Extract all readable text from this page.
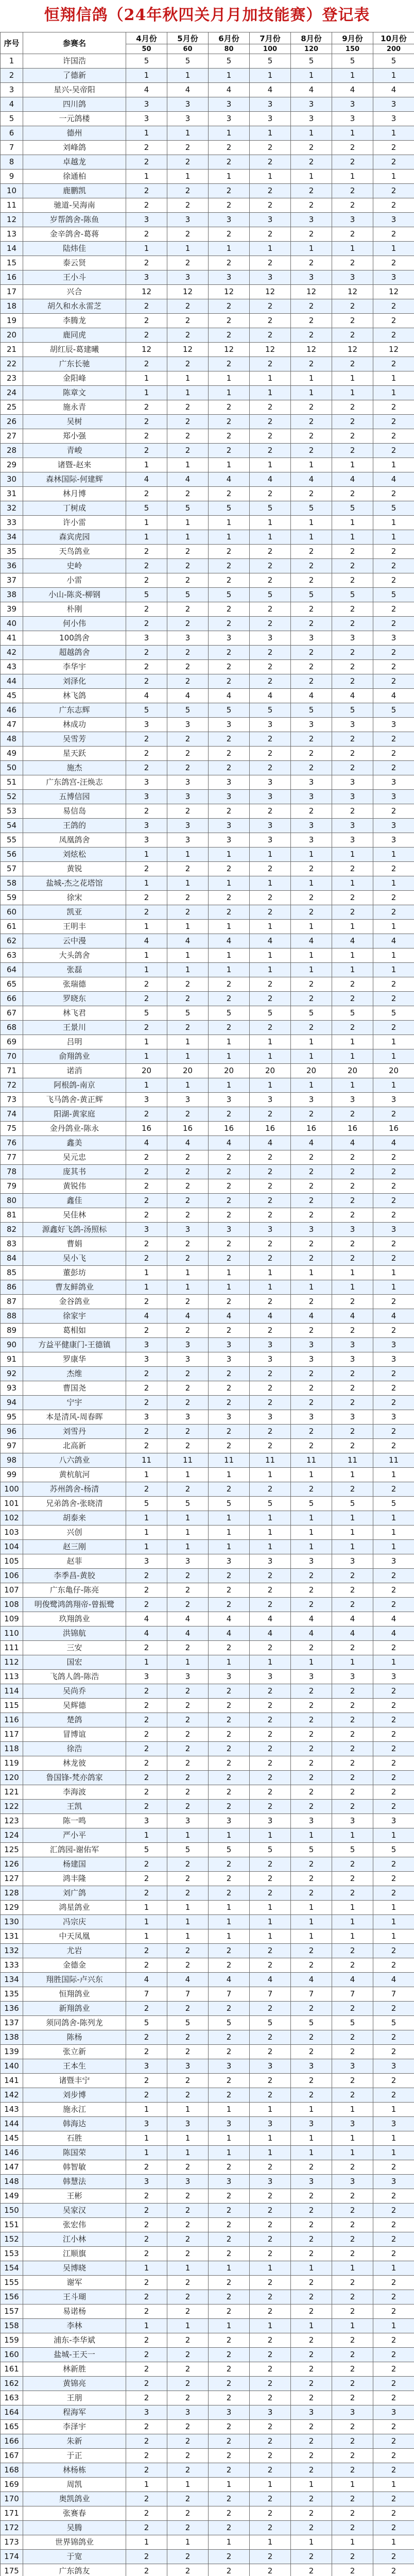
恒翔信鸽（24年秋四关月月加技能赛）登记表
序号	参赛名	4月份	5月份	6月份	7月份	8月份	9月份	10月份
		50	60	80	100	120	150	200
1	许国浩	5	5	5	5	5	5	5
2	了德新	1	1	1	1	1	1	1
3	星兴-吴帝阳	4	4	4	4	4	4	4
4	四川鸽	3	3	3	3	3	3	3
5	一元鸽楼	3	3	3	3	3	3	3
6	德州	1	1	1	1	1	1	1
7	刘峰鸽	2	2	2	2	2	2	2
8	卓越龙	2	2	2	2	2	2	2
9	徐通柏	1	1	1	1	1	1	1
10	鹿鹏凯	2	2	2	2	2	2	2
11	驰道-吴海南	2	2	2	2	2	2	2
12	岁帮鸽舍-陈鱼	3	3	3	3	3	3	3
13	金辛鸽舍-葛蒋	2	2	2	2	2	2	2
14	陆炜佳	1	1	1	1	1	1	1
15	泰云贤	2	2	2	2	2	2	2
16	王小斗	3	3	3	3	3	3	3
17	兴合	12	12	12	12	12	12	12
18	胡久和水永雷芝	2	2	2	2	2	2	2
19	李腾龙	2	2	2	2	2	2	2
20	鹿同虎	2	2	2	2	2	2	2
21	胡红辰-葛建曦	12	12	12	12	12	12	12
22	广东长驰	2	2	2	2	2	2	2
23	金阳峰	1	1	1	1	1	1	1
24	陈章文	1	1	1	1	1	1	1
25	施永青	2	2	2	2	2	2	2
26	吴树	2	2	2	2	2	2	2
27	郑小强	2	2	2	2	2	2	2
28	青峻	2	2	2	2	2	2	2
29	诸暨-赵来	1	1	1	1	1	1	1
30	森林国际-何建辉	4	4	4	4	4	4	4
31	林月博	2	2	2	2	2	2	2
32	丁树成	5	5	5	5	5	5	5
33	许小雷	1	1	1	1	1	1	1
34	森宾虎园	1	1	1	1	1	1	1
35	天鸟鸽业	2	2	2	2	2	2	2
36	史岭	2	2	2	2	2	2	2
37	小雷	2	2	2	2	2	2	2
38	小山-陈炎-柳钢	5	5	5	5	5	5	5
39	朴刚	2	2	2	2	2	2	2
40	何小伟	2	2	2	2	2	2	2
41	100鸽舍	3	3	3	3	3	3	3
42	超越鸽舍	2	2	2	2	2	2	2
43	李华宇	2	2	2	2	2	2	2
44	刘泽化	2	2	2	2	2	2	2
45	林飞鸽	4	4	4	4	4	4	4
46	广东志辉	5	5	5	5	5	5	5
47	林成功	3	3	3	3	3	3	3
48	吴雪芳	2	2	2	2	2	2	2
49	星天跃	2	2	2	2	2	2	2
50	施杰	2	2	2	2	2	2	2
51	广东鸽宫-汪焕志	3	3	3	3	3	3	3
52	五博信园	3	3	3	3	3	3	3
53	易信岛	2	2	2	2	2	2	2
54	王鸽的	3	3	3	3	3	3	3
55	凤凰鸽舍	3	3	3	3	3	3	3
56	刘炫松	1	1	1	1	1	1	1
57	黄锐	2	2	2	2	2	2	2
58	盐城-杰之花塔馆	1	1	1	1	1	1	1
59	徐宋	2	2	2	2	2	2	2
60	凯亚	2	2	2	2	2	2	2
61	王明丰	1	1	1	1	1	1	1
62	云中漫	4	4	4	4	4	4	4
63	大头鸽舍	1	1	1	1	1	1	1
64	张磊	1	1	1	1	1	1	1
65	张瑞德	2	2	2	2	2	2	2
66	罗晓东	2	2	2	2	2	2	2
67	林飞君	5	5	5	5	5	5	5
68	王景川	2	2	2	2	2	2	2
69	吕明	1	1	1	1	1	1	1
70	俞翔鸽业	1	1	1	1	1	1	1
71	诺消	20	20	20	20	20	20	20
72	阿根鸽-南京	1	1	1	1	1	1	1
73	飞马鸽舍-黄正辉	3	3	3	3	3	3	3
74	阳湖-黄家庭	2	2	2	2	2	2	2
75	金丹鸽业-陈永	16	16	16	16	16	16	16
76	鑫美	4	4	4	4	4	4	4
77	吴元忠	2	2	2	2	2	2	2
78	庞其书	2	2	2	2	2	2	2
79	黄锐伟	2	2	2	2	2	2	2
80	鑫佳	2	2	2	2	2	2	2
81	吴佳林	2	2	2	2	2	2	2
82	源鑫好飞鸽-汤照标	3	3	3	3	3	3	3
83	曹娟	2	2	2	2	2	2	2
84	吴小飞	2	2	2	2	2	2	2
85	董彭坊	1	1	1	1	1	1	1
86	曹友鲜鸽业	1	1	1	1	1	1	1
87	金谷鸽业	2	2	2	2	2	2	2
88	徐家宇	4	4	4	4	4	4	4
89	葛相如	2	2	2	2	2	2	2
90	方益平健康门-王德镇	3	3	3	3	3	3	3
91	罗康华	3	3	3	3	3	3	3
92	杰维	2	2	2	2	2	2	2
93	曹国尧	2	2	2	2	2	2	2
94	宁宇	2	2	2	2	2	2	2
95	本是清风-周春晖	3	3	3	3	3	3	3
96	刘雪丹	2	2	2	2	2	2	2
97	北高新	2	2	2	2	2	2	2
98	八六鸽业	11	11	11	11	11	11	11
99	黄杭航河	1	1	1	1	1	1	1
100	苏州鸽舍-杨清	2	2	2	2	2	2	2
101	兄弟鸽舍-张晓清	5	5	5	5	5	5	5
102	胡泰来	1	1	1	1	1	1	1
103	兴创	1	1	1	1	1	1	1
104	赵三刚	1	1	1	1	1	1	1
105	赵菲	3	3	3	3	3	3	3
106	李季昌-黄胶	2	2	2	2	2	2	2
107	广东亀仔-陈亮	2	2	2	2	2	2	2
108	明俊鹭鸿鸽翔帝-曾振鹭	2	2	2	2	2	2	2
109	玖翔鸽业	4	4	4	4	4	4	4
110	洪锦航	4	4	4	4	4	4	4
111	三安	2	2	2	2	2	2	2
112	国宏	1	1	1	1	1	1	1
113	飞鸽人鸽-陈浩	3	3	3	3	3	3	3
114	吴尚乔	2	2	2	2	2	2	2
115	吴辉德	2	2	2	2	2	2	2
116	楚鸽	2	2	2	2	2	2	2
117	冒博谊	2	2	2	2	2	2	2
118	徐浩	2	2	2	2	2	2	2
119	林龙彼	2	2	2	2	2	2	2
120	鲁国锋-梵亦鸽家	2	2	2	2	2	2	2
121	李海波	2	2	2	2	2	2	2
122	王凯	2	2	2	2	2	2	2
123	陈一鸣	3	3	3	3	3	3	3
124	严小平	1	1	1	1	1	1	1
125	汇鸽园-谢佑军	5	5	5	5	5	5	5
126	杨建国	2	2	2	2	2	2	2
127	鸿丰隆	2	2	2	2	2	2	2
128	刘广鸽	2	2	2	2	2	2	2
129	鸿星鸽业	1	1	1	1	1	1	1
130	冯宗庆	1	1	1	1	1	1	1
131	中天凤凰	1	1	1	1	1	1	1
132	尤岩	2	2	2	2	2	2	2
133	金德金	2	2	2	2	2	2	2
134	翔胜国际-卢兴东	4	4	4	4	4	4	4
135	恒翔鸽业	7	7	7	7	7	7	7
136	新翔鸽业	2	2	2	2	2	2	2
137	须同鸽舍-陈列龙	5	5	5	5	5	5	5
138	陈杨	2	2	2	2	2	2	2
139	张立新	2	2	2	2	2	2	2
140	王本生	3	3	3	3	3	3	3
141	诸暨丰宁	2	2	2	2	2	2	2
142	刘步博	2	2	2	2	2	2	2
143	施永江	1	1	1	1	1	1	1
144	韩海达	3	3	3	3	3	3	3
145	石胜	1	1	1	1	1	1	1
146	陈国荣	1	1	1	1	1	1	1
147	韩智敏	2	2	2	2	2	2	2
148	韩慧法	3	3	3	3	3	3	3
149	王彬	2	2	2	2	2	2	2
150	吴家汉	2	2	2	2	2	2	2
151	张宏伟	2	2	2	2	2	2	2
152	江小林	2	2	2	2	2	2	2
153	江顺旗	2	2	2	2	2	2	2
154	吴博晓	1	1	1	1	1	1	1
155	谢军	2	2	2	2	2	2	2
156	王斗瑚	2	2	2	2	2	2	2
157	易诺杨	2	2	2	2	2	2	2
158	李林	1	1	1	1	1	1	1
159	浦东-李华斌	2	2	2	2	2	2	2
160	盐城-王天一	2	2	2	2	2	2	2
161	林新胜	2	2	2	2	2	2	2
162	黄锦亮	2	2	2	2	2	2	2
163	王朋	2	2	2	2	2	2	2
164	程海军	3	3	3	3	3	3	3
165	李泽宇	2	2	2	2	2	2	2
166	朱新	2	2	2	2	2	2	2
167	于正	2	2	2	2	2	2	2
168	林杨栋	2	2	2	2	2	2	2
169	周凯	1	1	1	1	1	1	1
170	奥凯鸽业	2	2	2	2	2	2	2
171	张赛春	2	2	2	2	2	2	2
172	吴腾	2	2	2	2	2	2	2
173	世界锦鸽业	1	1	1	1	1	1	1
174	于宽	2	2	2	2	2	2	2
175	广东鸽友	2	2	2	2	2	2	2
